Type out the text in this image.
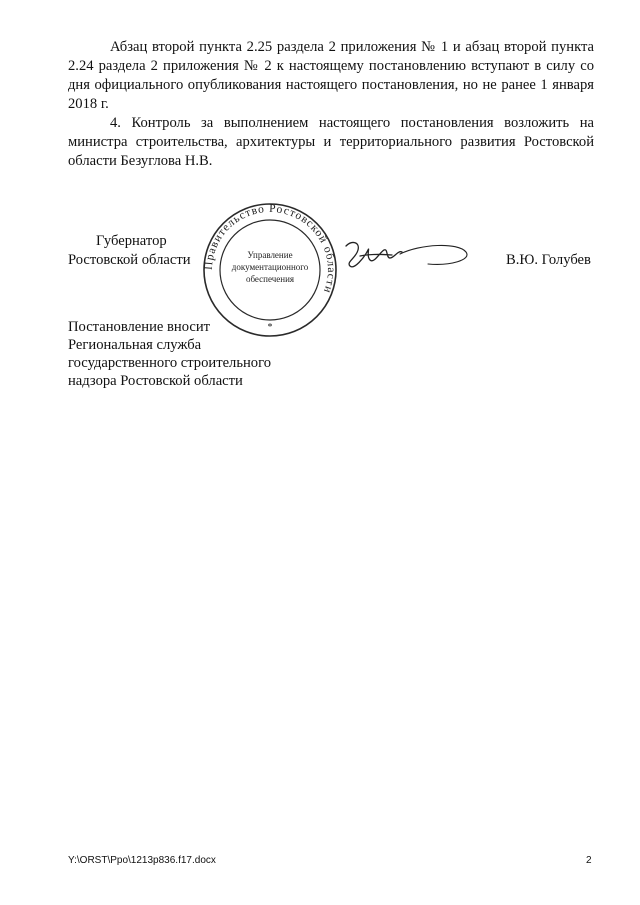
Абзац второй пункта 2.25 раздела 2 приложения № 1 и абзац второй пункта 2.24 раздела 2 приложения № 2 к настоящему постановлению вступают в силу со дня официального опубликования настоящего постановления, но не ранее 1 января 2018 г.

4. Контроль за выполнением настоящего постановления возложить на министра строительства, архитектуры и территориального развития Ростовской области Безуглова Н.В.

Губернатор
Ростовской области Правительство Ростовской области
Управление
документационного
обеспечения
*
В.Ю. Голубев
Постановление вносит
Региональная служба
государственного строительного
надзора Ростовской области
Y:\ORST\Ppo\1213p836.f17.docx	2
